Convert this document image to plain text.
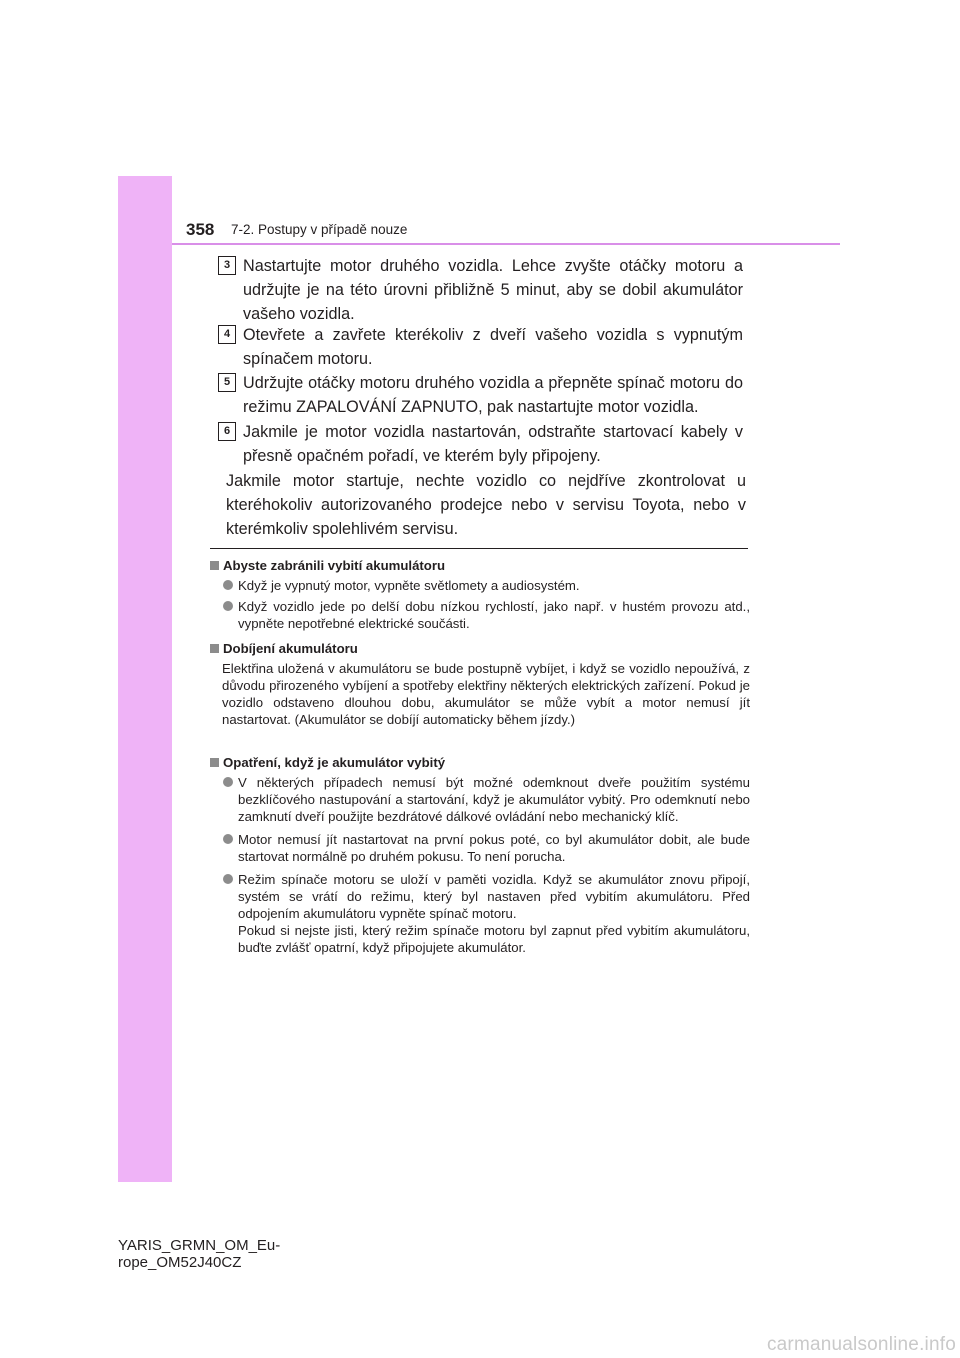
358 7-2. Postupy v případě nouze
3 Nastartujte motor druhého vozidla. Lehce zvyšte otáčky motoru a udržujte je na této úrovni přibližně 5 minut, aby se dobil akumulátor vašeho vozidla.
4 Otevřete a zavřete kterékoliv z dveří vašeho vozidla s vypnutým spínačem motoru.
5 Udržujte otáčky motoru druhého vozidla a přepněte spínač motoru do režimu ZAPALOVÁNÍ ZAPNUTO, pak nastartujte motor vozidla.
6 Jakmile je motor vozidla nastartován, odstraňte startovací kabely v přesně opačném pořadí, ve kterém byly připojeny.
Jakmile motor startuje, nechte vozidlo co nejdříve zkontrolovat u kteréhokoliv autorizovaného prodejce nebo v servisu Toyota, nebo v kterémkoliv spolehlivém servisu.
Abyste zabránili vybití akumulátoru
Když je vypnutý motor, vypněte světlomety a audiosystém.
Když vozidlo jede po delší dobu nízkou rychlostí, jako např. v hustém provozu atd., vypněte nepotřebné elektrické součásti.
Dobíjení akumulátoru
Elektřina uložená v akumulátoru se bude postupně vybíjet, i když se vozidlo nepoužívá, z důvodu přirozeného vybíjení a spotřeby elektřiny některých elektrických zařízení. Pokud je vozidlo odstaveno dlouhou dobu, akumulátor se může vybít a motor nemusí jít nastartovat. (Akumulátor se dobíjí automaticky během jízdy.)
Opatření, když je akumulátor vybitý
V některých případech nemusí být možné odemknout dveře použitím systému bezklíčového nastupování a startování, když je akumulátor vybitý. Pro odemknutí nebo zamknutí dveří použijte bezdrátové dálkové ovládání nebo mechanický klíč.
Motor nemusí jít nastartovat na první pokus poté, co byl akumulátor dobit, ale bude startovat normálně po druhém pokusu. To není porucha.
Režim spínače motoru se uloží v paměti vozidla. Když se akumulátor znovu připojí, systém se vrátí do režimu, který byl nastaven před vybitím akumulátoru. Před odpojením akumulátoru vypněte spínač motoru.
Pokud si nejste jisti, který režim spínače motoru byl zapnut před vybitím akumulátoru, buďte zvlášť opatrní, když připojujete akumulátor.
YARIS_GRMN_OM_Eu-
rope_OM52J40CZ
carmanualsonline.info
